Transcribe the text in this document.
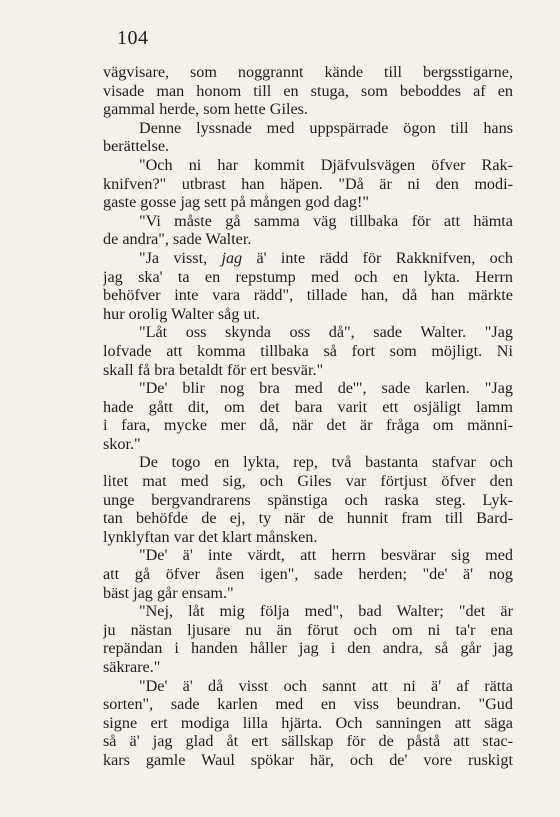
104
vägvisare, som noggrannt kände till bergsstigarne,
visade man honom till en stuga, som beboddes af en
gammal herde, som hette Giles.
Denne lyssnade med uppspärrade ögon till hans
berättelse.
"Och ni har kommit Djäfvulsvägen öfver Rak-
knifven?" utbrast han häpen. "Då är ni den modi-
gaste gosse jag sett på mången god dag!"
"Vi måste gå samma väg tillbaka för att hämta
de andra", sade Walter.
"Ja visst, jag ä' inte rädd för Rakknifven, och
jag ska' ta en repstump med och en lykta. Herrn
behöfver inte vara rädd", tillade han, då han märkte
hur orolig Walter såg ut.
"Låt oss skynda oss då", sade Walter. "Jag
lofvade att komma tillbaka så fort som möjligt. Ni
skall få bra betaldt för ert besvär."
"De' blir nog bra med de'", sade karlen. "Jag
hade gått dit, om det bara varit ett osjäligt lamm
i fara, mycke mer då, när det är fråga om männi-
skor."
De togo en lykta, rep, två bastanta stafvar och
litet mat med sig, och Giles var förtjust öfver den
unge bergvandrarens spänstiga och raska steg. Lyk-
tan behöfde de ej, ty när de hunnit fram till Bard-
lynklyftan var det klart månsken.
"De' ä' inte värdt, att herrn besvärar sig med
att gå öfver åsen igen", sade herden; "de' ä' nog
bäst jag går ensam."
"Nej, låt mig följa med", bad Walter; "det är
ju nästan ljusare nu än förut och om ni ta'r ena
repändan i handen håller jag i den andra, så går jag
säkrare."
"De' ä' då visst och sannt att ni ä' af rätta
sorten", sade karlen med en viss beundran. "Gud
signe ert modiga lilla hjärta. Och sanningen att säga
så ä' jag glad åt ert sällskap för de påstå att stac-
kars gamle Waul spökar här, och de' vore ruskigt
